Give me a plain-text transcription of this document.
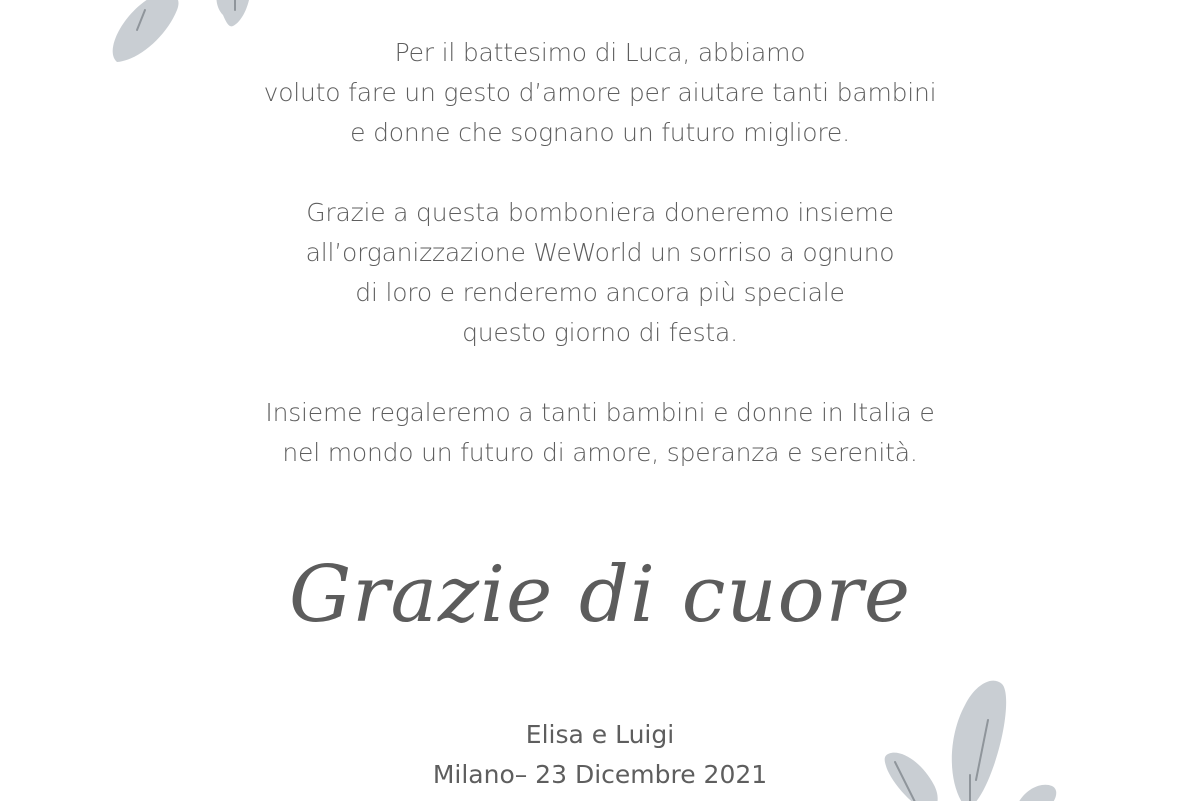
Per il battesimo di Luca, abbiamo
voluto fare un gesto d’amore per aiutare tanti bambini
e donne che sognano un futuro migliore.
Grazie a questa bomboniera doneremo insieme
all’organizzazione WeWorld un sorriso a ognuno
di loro e renderemo ancora più speciale
questo giorno di festa.
Insieme regaleremo a tanti bambini e donne in Italia e
nel mondo un futuro di amore, speranza e serenità.
Grazie di cuore
Elisa e Luigi
Milano– 23 Dicembre 2021
